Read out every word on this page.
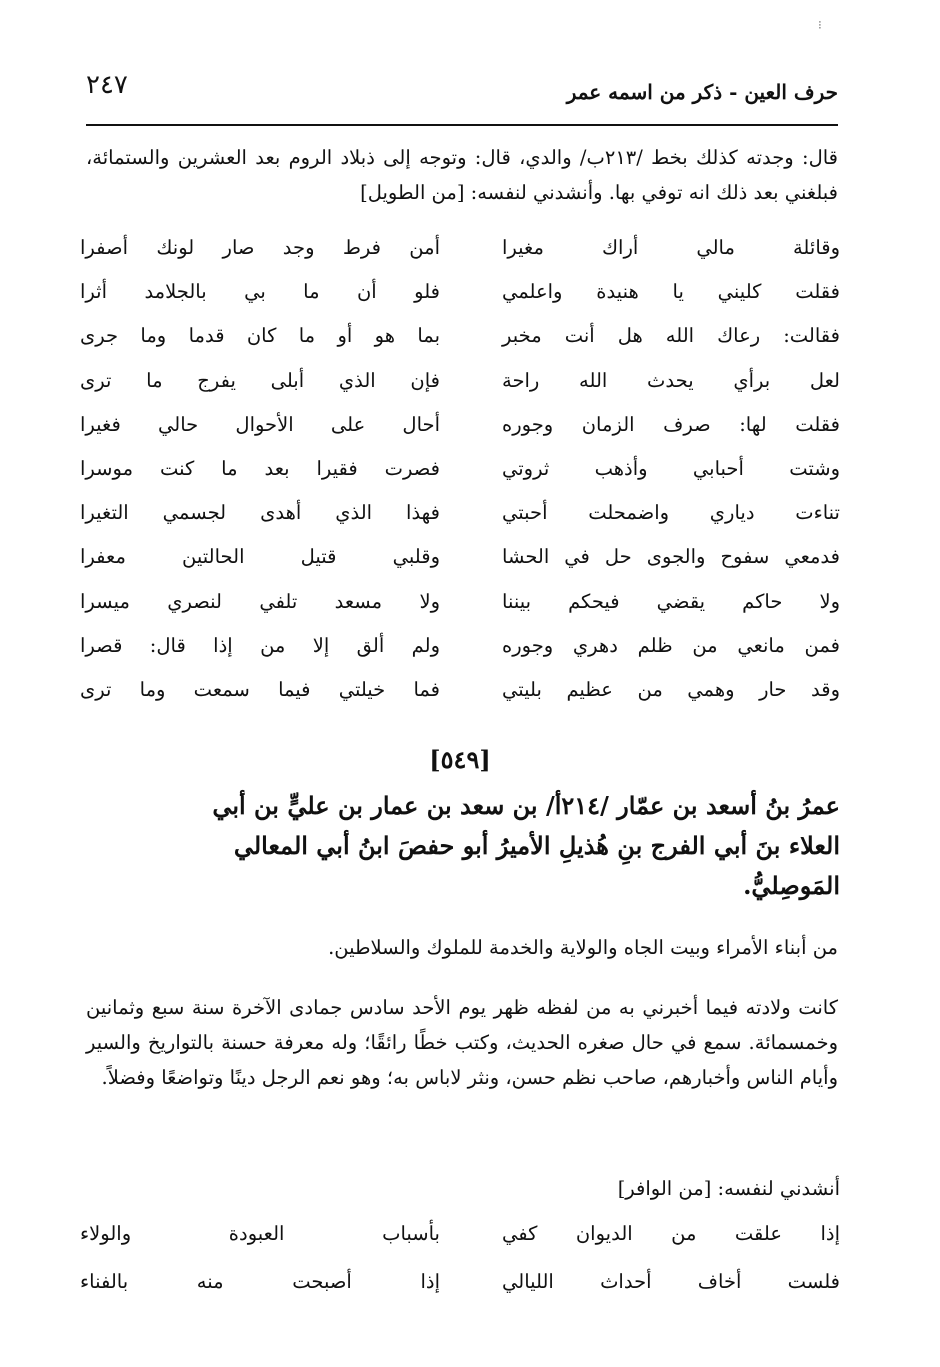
⁝
٢٤٧	حرف العين - ذكر من اسمه عمر
قال: وجدته كذلك بخط /٢١٣ب/ والدي، قال: وتوجه إلى ذبلاد الروم بعد العشرين والستمائة، فبلغني بعد ذلك انه توفي بها. وأنشدني لنفسه: [من الطويل]
وقائلة مالي أراك مغيرا
أمن فرط وجد صار لونك أصفرا
فقلت كليني يا هنيدة واعلمي
فلو أن ما بي بالجلامد أثرا
فقالت: رعاك الله هل أنت مخبر
بما هو أو ما كان قدما وما جرى
لعل برأي يحدث الله راحة
فإن الذي أبلى يفرج ما ترى
فقلت لها: صرف الزمان وجوره
أحال على الأحوال حالي فغيرا
وشتت أحبابي وأذهب ثروتي
فصرت فقيرا بعد ما كنت موسرا
تناءت دياري واضمحلت أحبتي
فهذا الذي أهدى لجسمي التغيرا
فدمعي سفوح والجوى حل في الحشا
وقلبي قتيل الحالتين معفرا
ولا حاكم يقضي فيحكم بيننا
ولا مسعد تلفي لنصري ميسرا
فمن مانعي من ظلم دهري وجوره
ولم ألق إلا من إذا قال: قصرا
وقد حار وهمي من عظيم بليتي
فما خيلتي فيما سمعت وما ترى
[٥٤٩]
عمرُ بنُ أسعد بن عمّار /٢١٤أ/ بن سعد بن عمار بن عليٍّ بن أبي العلاء بنَ أبي الفرج بنِ هُذيلِ الأميرُ أبو حفصَ ابنُ أبي المعالي المَوصِليُّ.
من أبناء الأمراء وبيت الجاه والولاية والخدمة للملوك والسلاطين.
كانت ولادته فيما أخبرني به من لفظه ظهر يوم الأحد سادس جمادى الآخرة سنة سبع وثمانين وخمسمائة. سمع في حال صغره الحديث، وكتب خطًا رائقًا؛ وله معرفة حسنة بالتواريخ والسير وأيام الناس وأخبارهم، صاحب نظم حسن، ونثر لاباس به؛ وهو نعم الرجل دينًا وتواضعًا وفضلاً.
أنشدني لنفسه: [من الوافر]
إذا علقت من الديوان كفي
بأسباب العبودة والولاء
فلست أخاف أحداث الليالي
إذا أصبحت منه بالفناء
